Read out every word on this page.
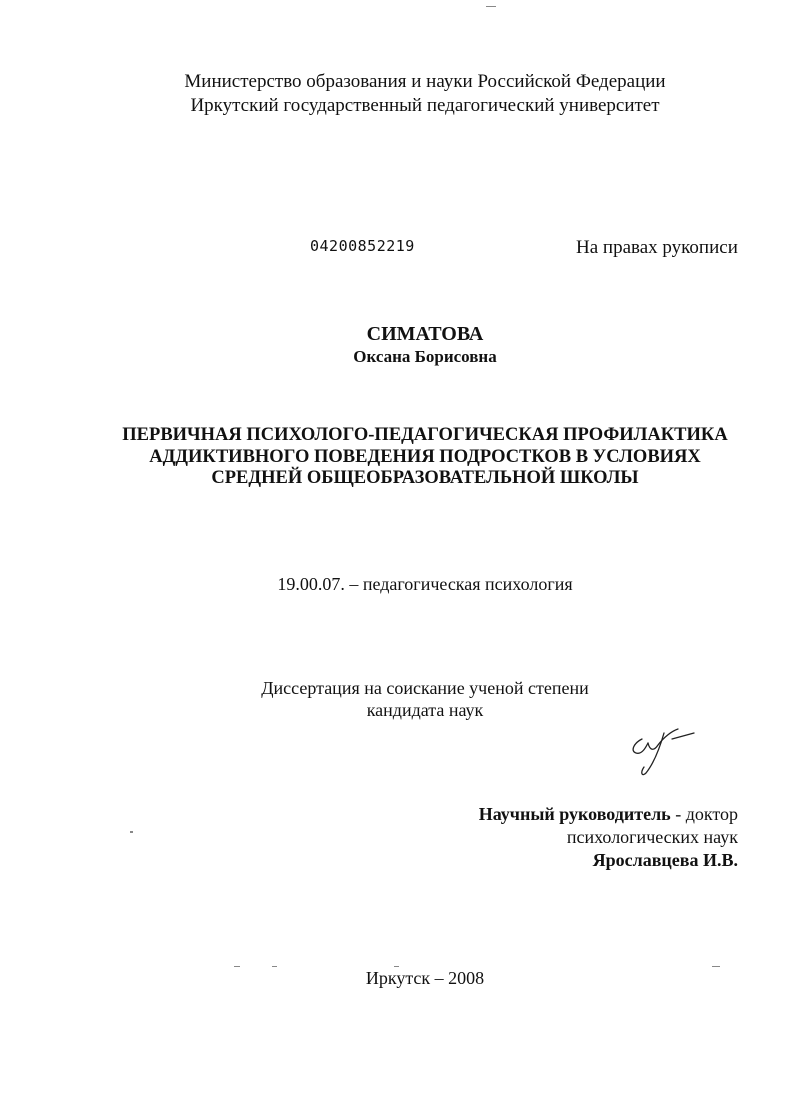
Министерство образования и науки Российской Федерации
Иркутский государственный педагогический университет
04200852219	На правах рукописи
СИМАТОВА
Оксана Борисовна
ПЕРВИЧНАЯ ПСИХОЛОГО-ПЕДАГОГИЧЕСКАЯ ПРОФИЛАКТИКА
АДДИКТИВНОГО ПОВЕДЕНИЯ ПОДРОСТКОВ В УСЛОВИЯХ
СРЕДНЕЙ ОБЩЕОБРАЗОВАТЕЛЬНОЙ ШКОЛЫ
19.00.07. – педагогическая психология
Диссертация на соискание ученой степени
кандидата наук
Научный руководитель - доктор
психологических наук
Ярославцева И.В.
Иркутск – 2008
